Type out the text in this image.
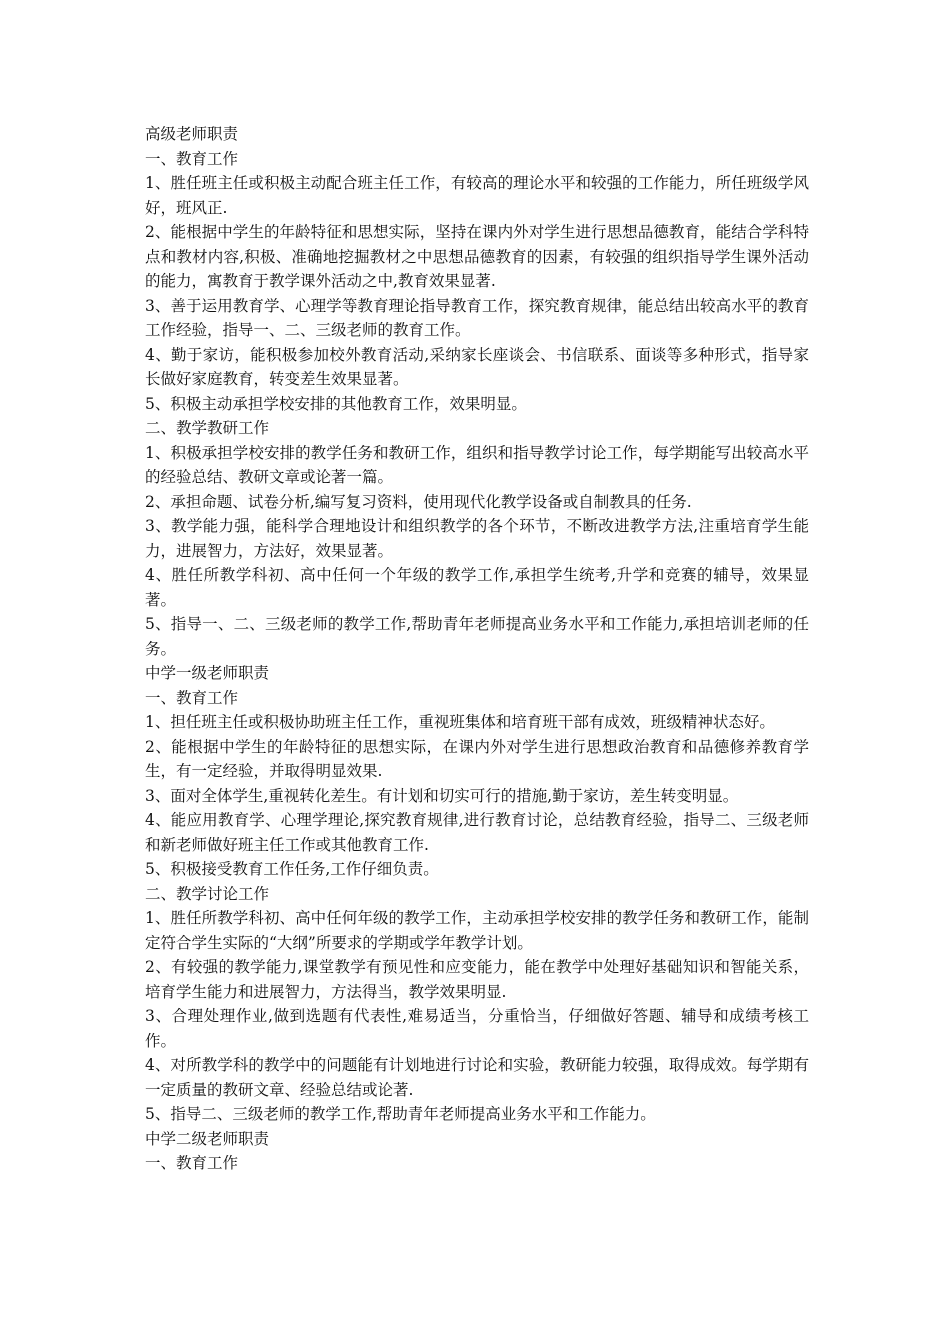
高级老师职责

一、教育工作

1、胜任班主任或积极主动配合班主任工作，有较高的理论水平和较强的工作能力，所任班级学风好，班风正.

2、能根据中学生的年龄特征和思想实际，坚持在课内外对学生进行思想品德教育，能结合学科特点和教材内容,积极、准确地挖掘教材之中思想品德教育的因素，有较强的组织指导学生课外活动的能力，寓教育于教学课外活动之中,教育效果显著.

3、善于运用教育学、心理学等教育理论指导教育工作，探究教育规律，能总结出较高水平的教育工作经验，指导一、二、三级老师的教育工作。

4、勤于家访，能积极参加校外教育活动,采纳家长座谈会、书信联系、面谈等多种形式，指导家长做好家庭教育，转变差生效果显著。

5、积极主动承担学校安排的其他教育工作，效果明显。

二、教学教研工作

1、积极承担学校安排的教学任务和教研工作，组织和指导教学讨论工作，每学期能写出较高水平的经验总结、教研文章或论著一篇。

2、承担命题、试卷分析,编写复习资料，使用现代化教学设备或自制教具的任务.

3、教学能力强，能科学合理地设计和组织教学的各个环节，不断改进教学方法,注重培育学生能力，进展智力，方法好，效果显著。

4、胜任所教学科初、高中任何一个年级的教学工作,承担学生统考,升学和竞赛的辅导，效果显著。

5、指导一、二、三级老师的教学工作,帮助青年老师提高业务水平和工作能力,承担培训老师的任务。

中学一级老师职责

一、教育工作

1、担任班主任或积极协助班主任工作，重视班集体和培育班干部有成效，班级精神状态好。

2、能根据中学生的年龄特征的思想实际，在课内外对学生进行思想政治教育和品德修养教育学生，有一定经验，并取得明显效果.

3、面对全体学生,重视转化差生。有计划和切实可行的措施,勤于家访，差生转变明显。

4、能应用教育学、心理学理论,探究教育规律,进行教育讨论，总结教育经验，指导二、三级老师和新老师做好班主任工作或其他教育工作.

5、积极接受教育工作任务,工作仔细负责。

二、教学讨论工作

1、胜任所教学科初、高中任何年级的教学工作，主动承担学校安排的教学任务和教研工作，能制定符合学生实际的“大纲”所要求的学期或学年教学计划。

2、有较强的教学能力,课堂教学有预见性和应变能力，能在教学中处理好基础知识和智能关系，培育学生能力和进展智力，方法得当，教学效果明显.

3、合理处理作业,做到选题有代表性,难易适当，分重恰当，仔细做好答题、辅导和成绩考核工作。

4、对所教学科的教学中的问题能有计划地进行讨论和实验，教研能力较强，取得成效。每学期有一定质量的教研文章、经验总结或论著.

5、指导二、三级老师的教学工作,帮助青年老师提高业务水平和工作能力。

中学二级老师职责

一、教育工作
